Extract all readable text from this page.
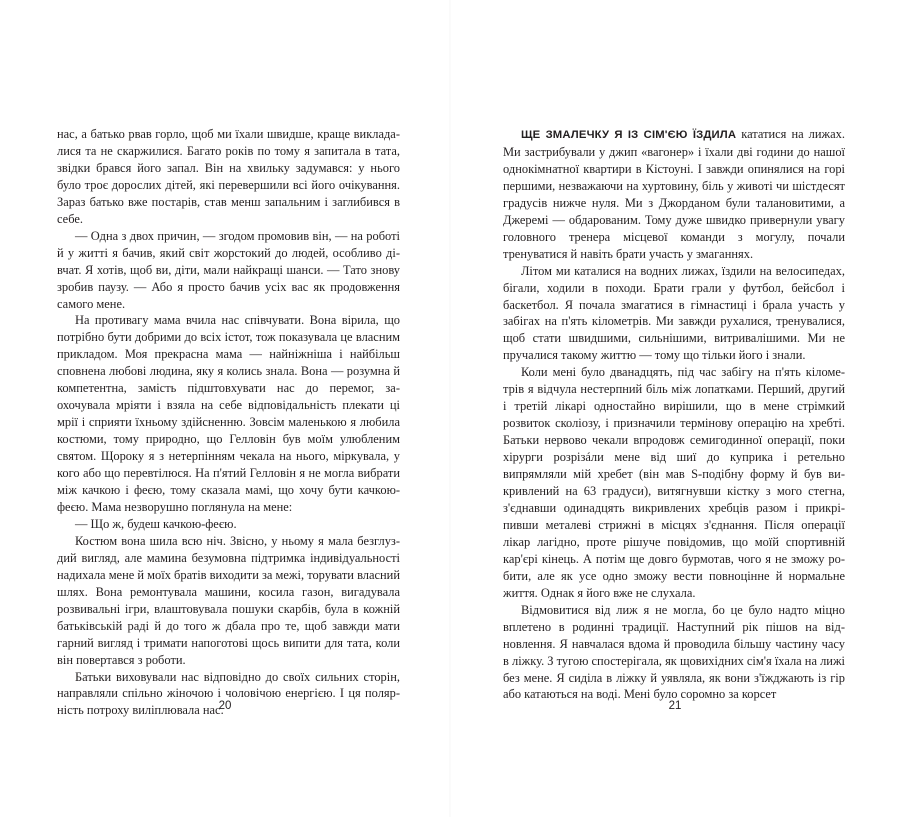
нас, а батько рвав горло, щоб ми їхали швидше, краще викладалися та не скаржилися. Багато років по тому я запитала в тата, звідки брався його запал. Він на хвильку задумався: у нього було троє дорослих дітей, які перевершили всі його очікування. Зараз батько вже постарів, став менш запальним і заглибився в себе.

— Одна з двох причин, — згодом промовив він, — на роботі й у житті я бачив, який світ жорстокий до людей, особливо дівчат. Я хотів, щоб ви, діти, мали найкращі шанси. — Тато знову зробив паузу. — Або я просто бачив усіх вас як продовження самого мене.

На противагу мама вчила нас співчувати. Вона вірила, що потрібно бути добрими до всіх істот, тож показувала це власним прикладом. Моя прекрасна мама — найніжніша і найбільш сповнена любові людина, яку я колись знала. Вона — розумна й компетентна, замість підштовхувати нас до перемог, заохочувала мріяти і взяла на себе відповідальність плекати ці мрії і сприяти їхньому здійсненню. Зовсім маленькою я любила костюми, тому природно, що Гелловін був моїм улюбленим святом. Щороку я з нетерпінням чекала на нього, міркувала, у кого або що перевтілюся. На п'ятий Гелловін я не могла вибрати між качкою і феєю, тому сказала мамі, що хочу бути качкою-феєю. Мама незворушно поглянула на мене:

— Що ж, будеш качкою-феєю.

Костюм вона шила всю ніч. Звісно, у ньому я мала безглуздий вигляд, але мамина безумовна підтримка індивідуальності надихала мене й моїх братів виходити за межі, торувати власний шлях. Вона ремонтувала машини, косила газон, вигадувала розвивальні ігри, влаштовувала пошуки скарбів, була в кожній батьківській раді й до того ж дбала про те, щоб завжди мати гарний вигляд і тримати напоготові щось випити для тата, коли він повертався з роботи.

Батьки виховували нас відповідно до своїх сильних сторін, направляли спільно жіночою і чоловічою енергією. І ця полярність потроху виліплювала нас.

20

ЩЕ ЗМАЛЕЧКУ Я ІЗ СІМ'ЄЮ ЇЗДИЛА кататися на лижах. Ми застрибували у джип «вагонер» і їхали дві години до нашої однокімнатної квартири в Кістоуні. І завжди опинялися на горі першими, незважаючи на хуртовину, біль у животі чи шістдесят градусів нижче нуля. Ми з Джорданом були талановитими, а Джеремі — обдарованим. Тому дуже швидко привернули увагу головного тренера місцевої команди з могулу, почали тренуватися й навіть брати участь у змаганнях.

Літом ми каталися на водних лижах, їздили на велосипедах, бігали, ходили в походи. Брати грали у футбол, бейсбол і баскетбол. Я почала змагатися в гімнастиці і брала участь у забігах на п'ять кілометрів. Ми завжди рухалися, тренувалися, щоб стати швидшими, сильнішими, витривалішими. Ми не пручалися такому життю — тому що тільки його і знали.

Коли мені було дванадцять, під час забігу на п'ять кілометрів я відчула нестерпний біль між лопатками. Перший, другий і третій лікарі одностайно вирішили, що в мене стрімкий розвиток сколіозу, і призначили термінову операцію на хребті. Батьки нервово чекали впродовж семигодинної операції, поки хірурги розрізáли мене від шиї до куприка і ретельно випрямляли мій хребет (він мав S-подібну форму й був викривлений на 63 градуси), витягнувши кістку з мого стегна, з'єднавши одинадцять викривлених хребців разом і прикріпивши металеві стрижні в місцях з'єднання. Після операції лікар лагідно, проте рішуче повідомив, що моїй спортивній кар'єрі кінець. А потім ще довго бурмотав, чого я не зможу робити, але як усе одно зможу вести повноцінне й нормальне життя. Однак я його вже не слухала.

Відмовитися від лиж я не могла, бо це було надто міцно вплетено в родинні традиції. Наступний рік пішов на відновлення. Я навчалася вдома й проводила більшу частину часу в ліжку. З тугою спостерігала, як щовихідних сім'я їхала на лижі без мене. Я сиділа в ліжку й уявляла, як вони з'їжджають із гір або катаються на воді. Мені було соромно за корсет

21
